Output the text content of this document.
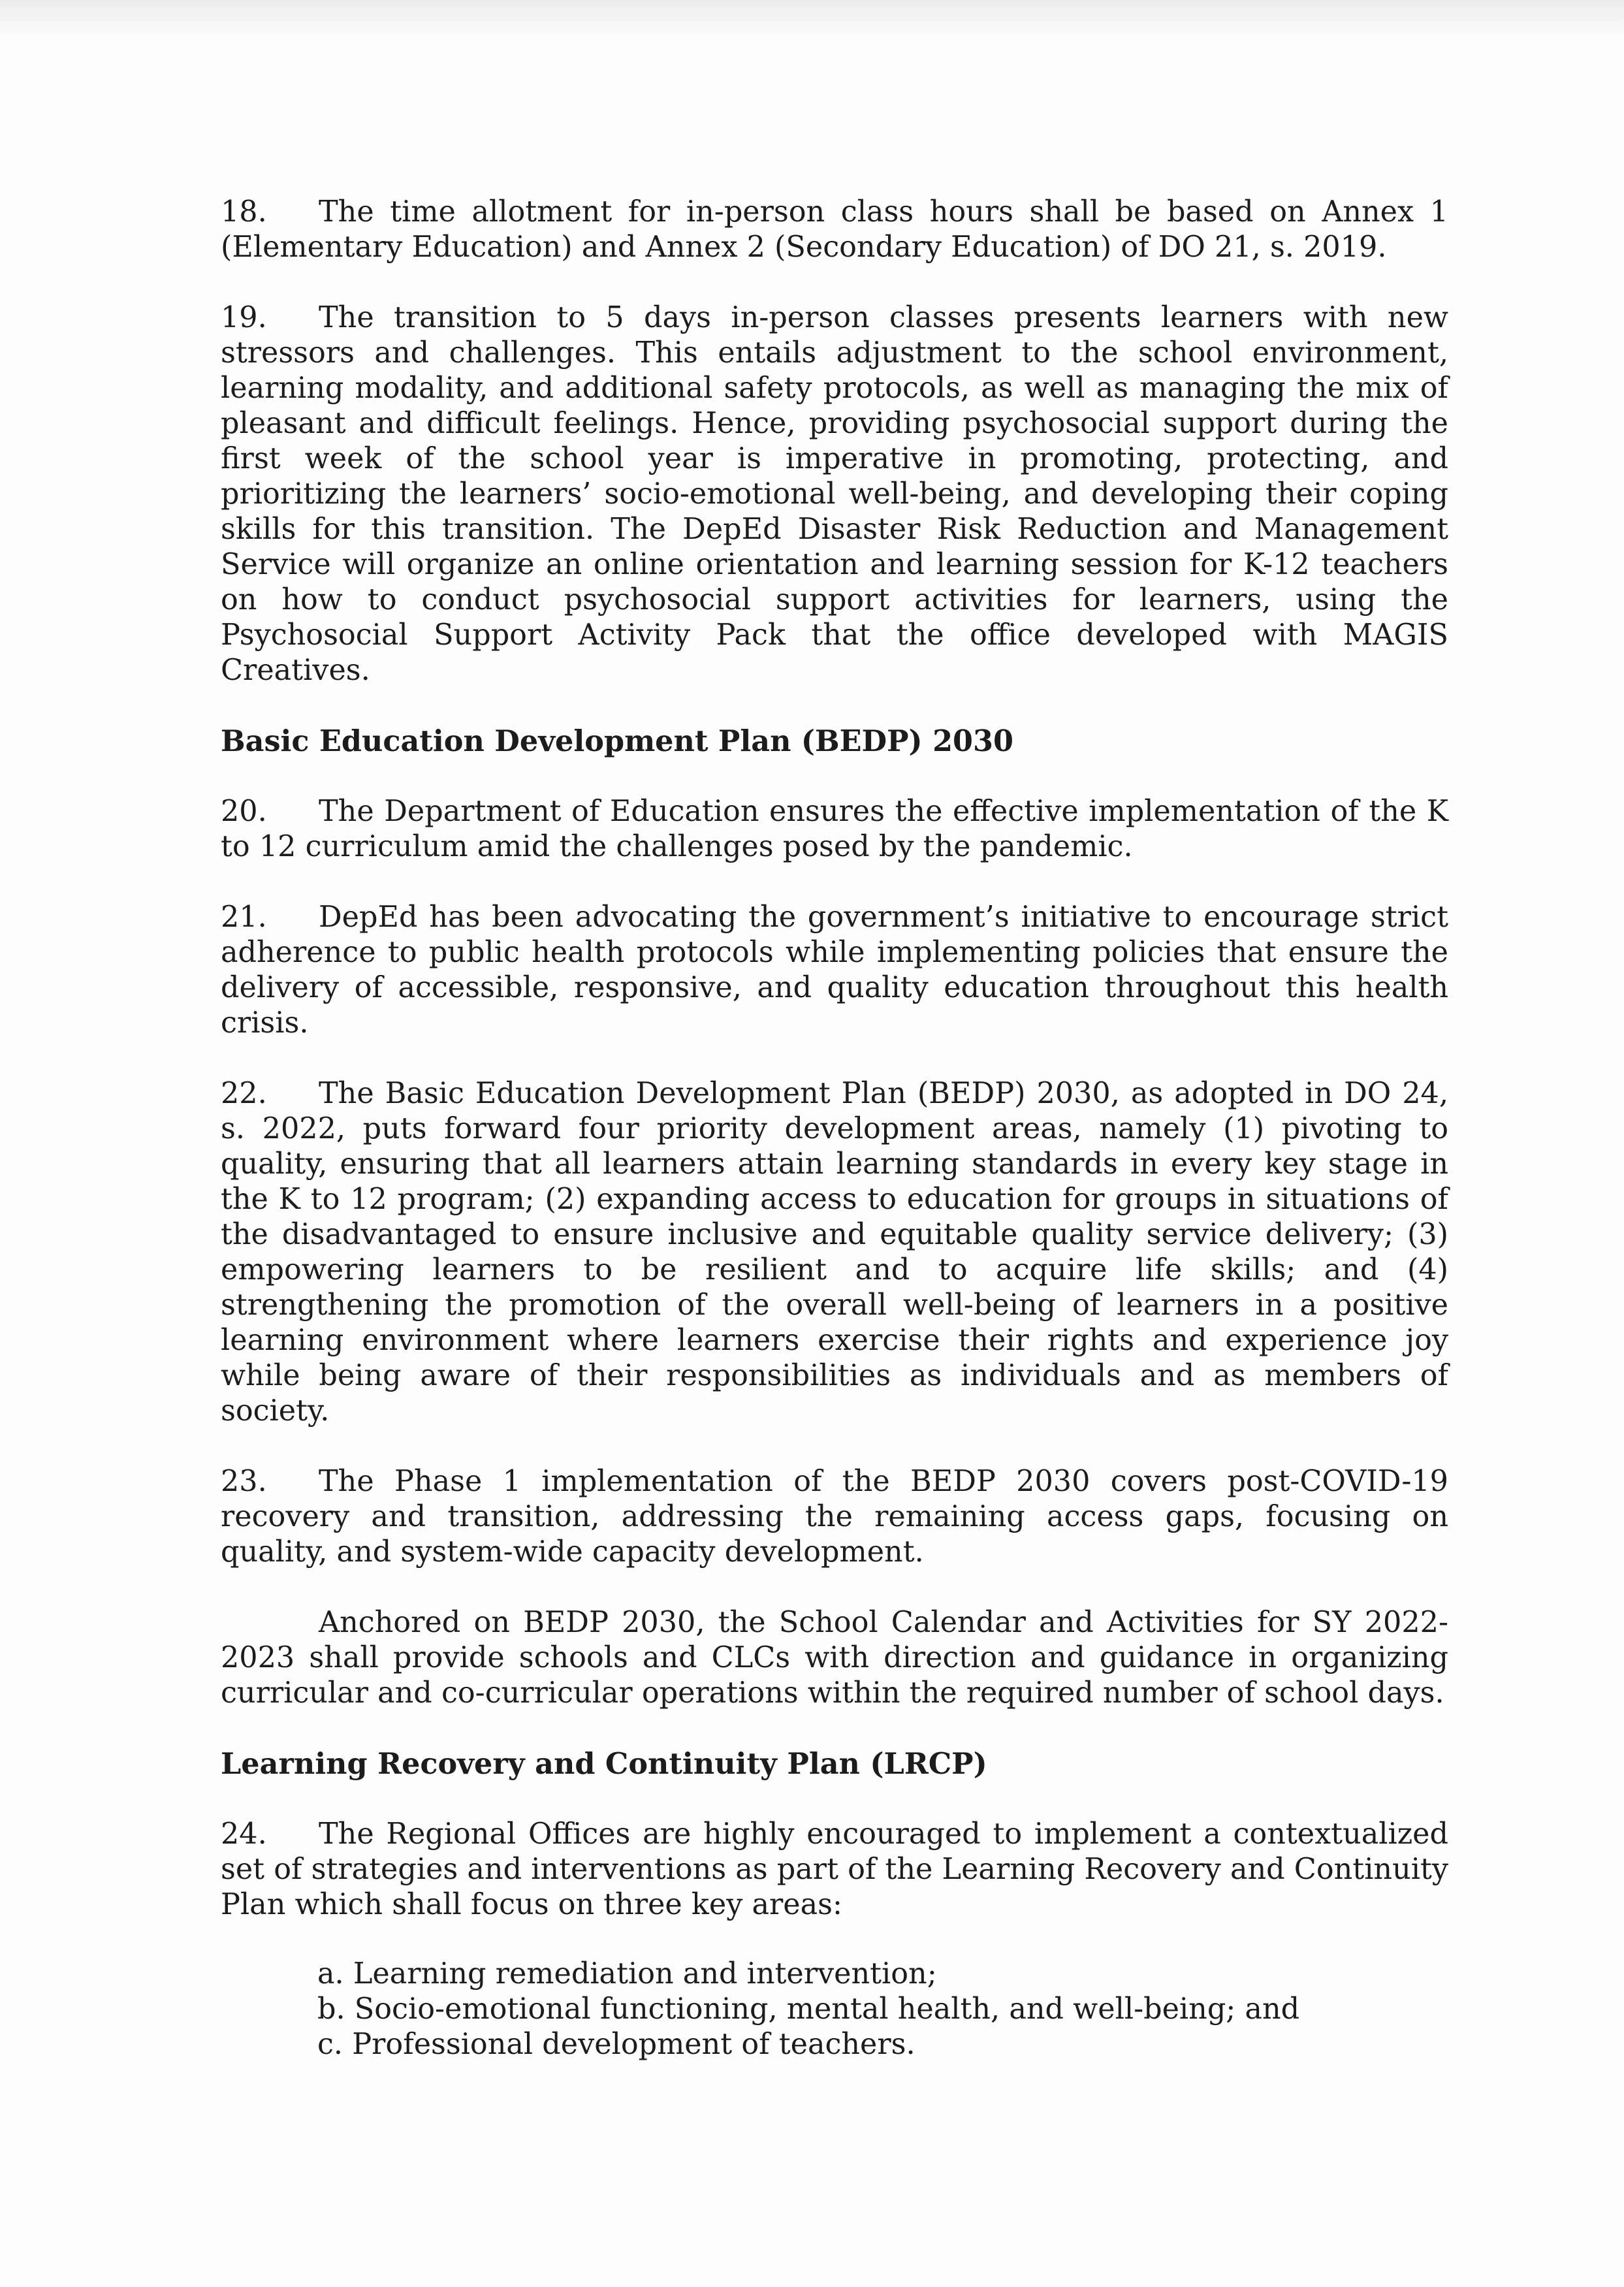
18. The time allotment for in-person class hours shall be based on Annex 1 (Elementary Education) and Annex 2 (Secondary Education) of DO 21, s. 2019.

19. The transition to 5 days in-person classes presents learners with new stressors and challenges. This entails adjustment to the school environment, learning modality, and additional safety protocols, as well as managing the mix of pleasant and difficult feelings. Hence, providing psychosocial support during the first week of the school year is imperative in promoting, protecting, and prioritizing the learners’ socio-emotional well-being, and developing their coping skills for this transition. The DepEd Disaster Risk Reduction and Management Service will organize an online orientation and learning session for K-12 teachers on how to conduct psychosocial support activities for learners, using the Psychosocial Support Activity Pack that the office developed with MAGIS Creatives.

Basic Education Development Plan (BEDP) 2030

20. The Department of Education ensures the effective implementation of the K to 12 curriculum amid the challenges posed by the pandemic.

21. DepEd has been advocating the government’s initiative to encourage strict adherence to public health protocols while implementing policies that ensure the delivery of accessible, responsive, and quality education throughout this health crisis.

22. The Basic Education Development Plan (BEDP) 2030, as adopted in DO 24, s. 2022, puts forward four priority development areas, namely (1) pivoting to quality, ensuring that all learners attain learning standards in every key stage in the K to 12 program; (2) expanding access to education for groups in situations of the disadvantaged to ensure inclusive and equitable quality service delivery; (3) empowering learners to be resilient and to acquire life skills; and (4) strengthening the promotion of the overall well-being of learners in a positive learning environment where learners exercise their rights and experience joy while being aware of their responsibilities as individuals and as members of society.

23. The Phase 1 implementation of the BEDP 2030 covers post-COVID-19 recovery and transition, addressing the remaining access gaps, focusing on quality, and system-wide capacity development.

Anchored on BEDP 2030, the School Calendar and Activities for SY 2022-2023 shall provide schools and CLCs with direction and guidance in organizing curricular and co-curricular operations within the required number of school days.

Learning Recovery and Continuity Plan (LRCP)

24. The Regional Offices are highly encouraged to implement a contextualized set of strategies and interventions as part of the Learning Recovery and Continuity Plan which shall focus on three key areas:

a. Learning remediation and intervention;
b. Socio-emotional functioning, mental health, and well-being; and
c. Professional development of teachers.
